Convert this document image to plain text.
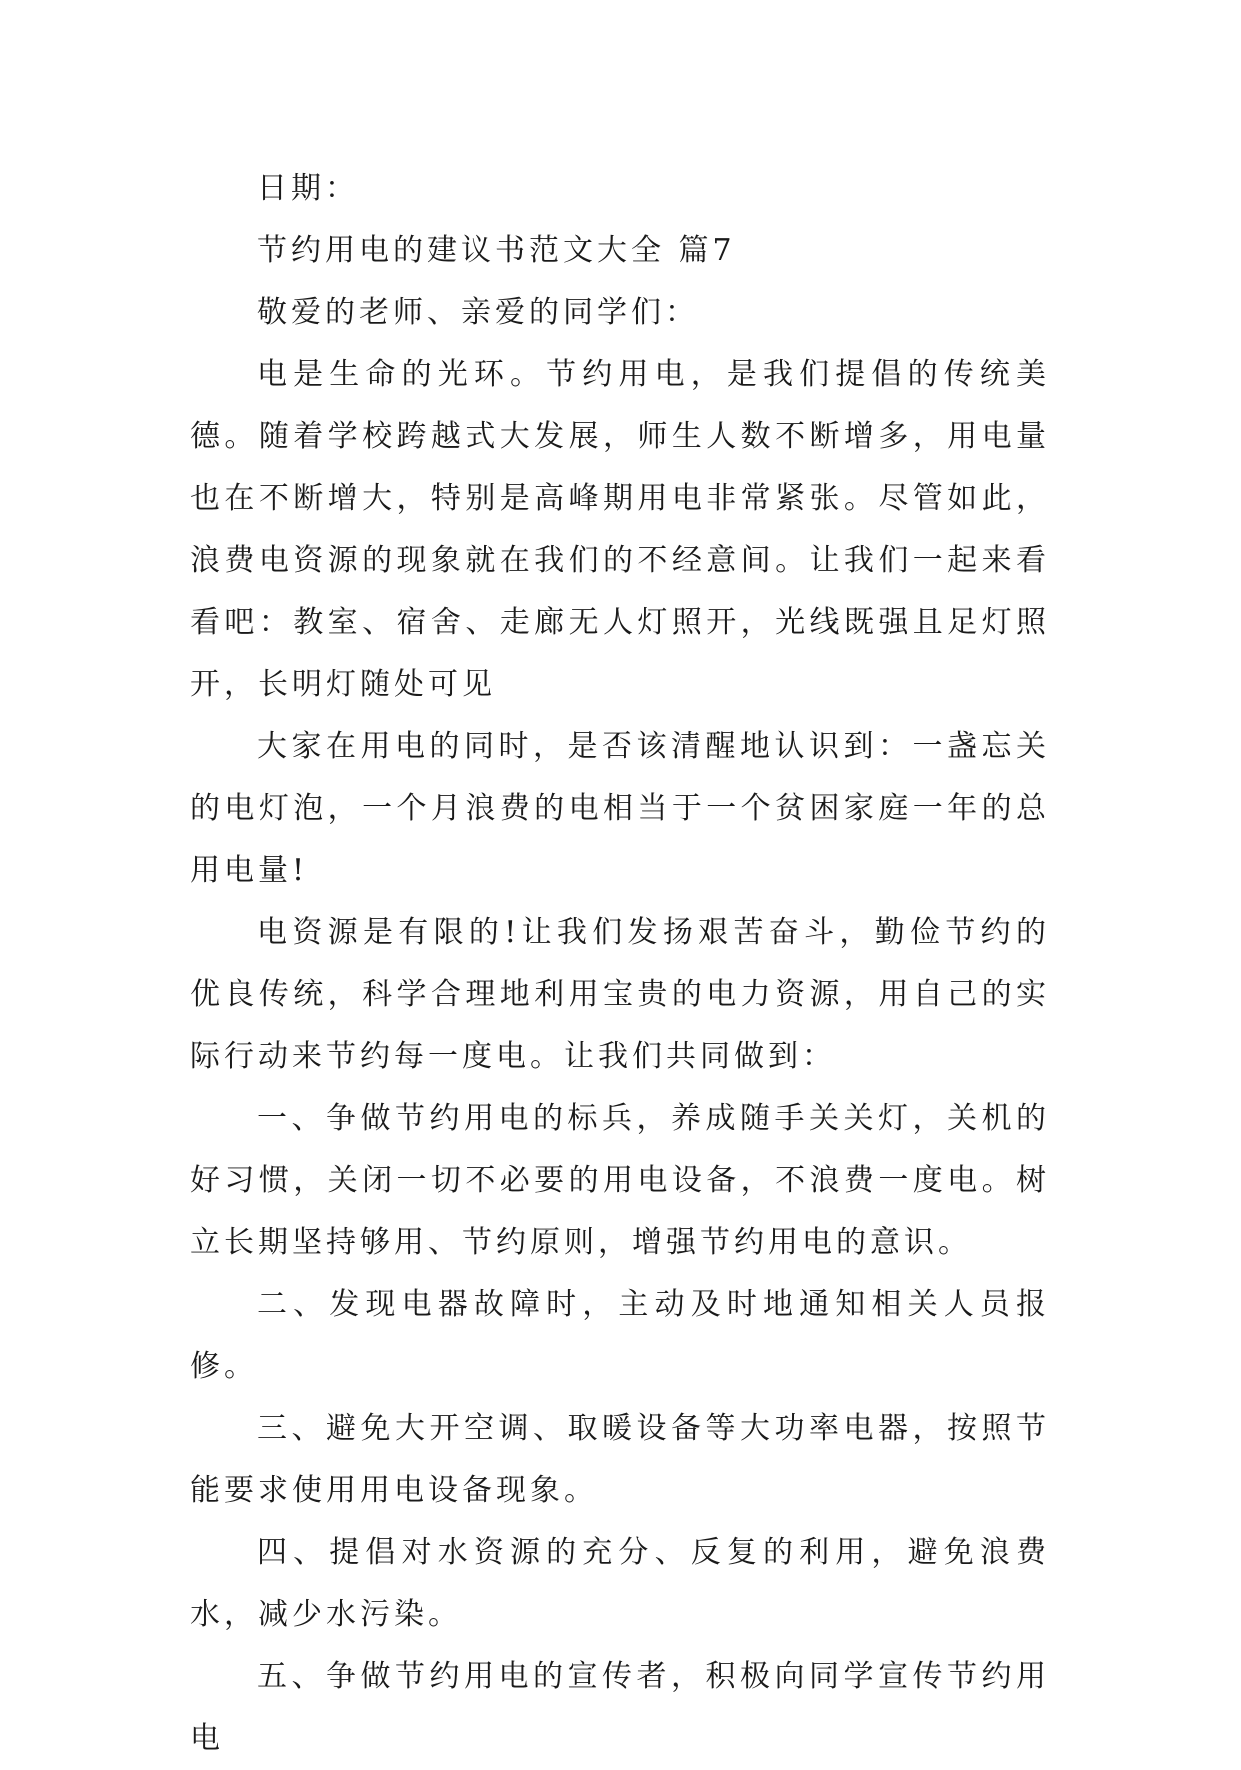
日期：

节约用电的建议书范文大全 篇7

敬爱的老师、亲爱的同学们：

电是生命的光环。节约用电，是我们提倡的传统美德。随着学校跨越式大发展，师生人数不断增多，用电量也在不断增大，特别是高峰期用电非常紧张。尽管如此，浪费电资源的现象就在我们的不经意间。让我们一起来看看吧：教室、宿舍、走廊无人灯照开，光线既强且足灯照开，长明灯随处可见

大家在用电的同时，是否该清醒地认识到：一盏忘关的电灯泡，一个月浪费的电相当于一个贫困家庭一年的总用电量!

电资源是有限的!让我们发扬艰苦奋斗，勤俭节约的优良传统，科学合理地利用宝贵的电力资源，用自己的实际行动来节约每一度电。让我们共同做到：

一、争做节约用电的标兵，养成随手关关灯，关机的好习惯，关闭一切不必要的用电设备，不浪费一度电。树立长期坚持够用、节约原则，增强节约用电的意识。

二、发现电器故障时，主动及时地通知相关人员报修。

三、避免大开空调、取暖设备等大功率电器，按照节能要求使用用电设备现象。

四、提倡对水资源的充分、反复的利用，避免浪费水，减少水污染。

五、争做节约用电的宣传者，积极向同学宣传节约用电
